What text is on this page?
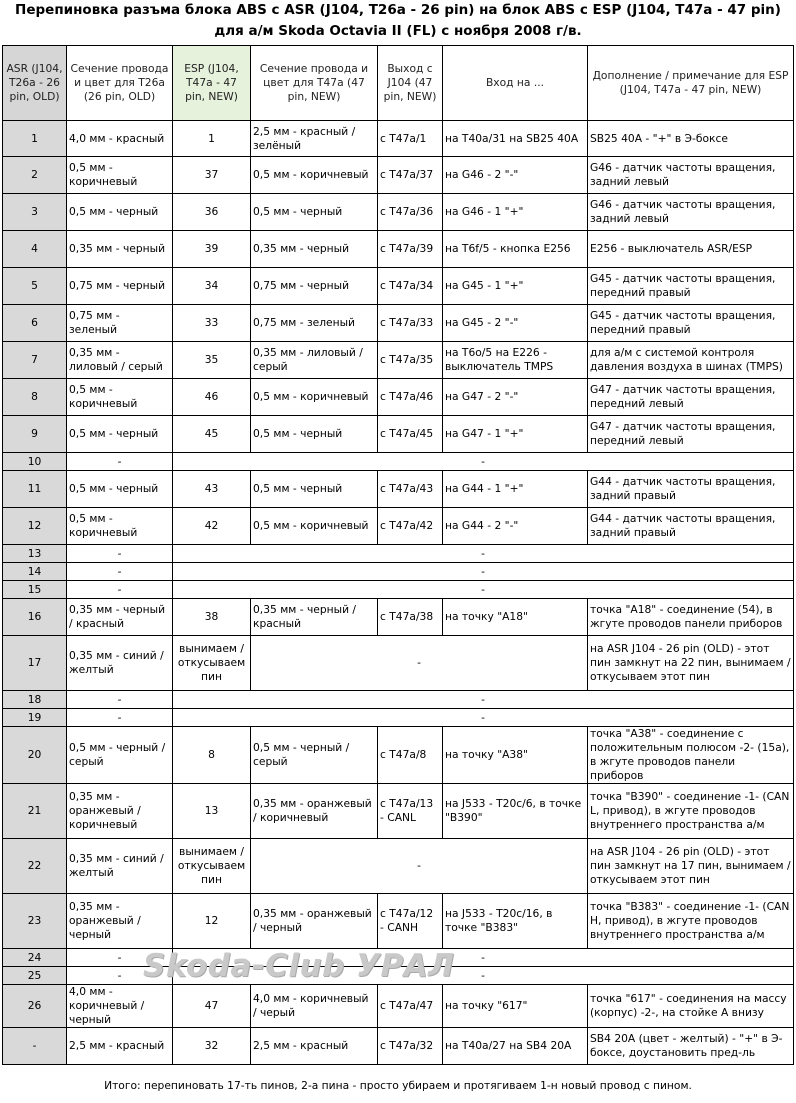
Перепиновка разъма блока ABS с ASR (J104, T26a - 26 pin) на блок ABS с ESP (J104, T47a - 47 pin)
для а/м Skoda Octavia II (FL) с ноября 2008 г/в.
ASR (J104, T26a - 26 pin, OLD)	Сечение провода и цвет для T26a (26 pin, OLD)	ESP (J104, T47a - 47 pin, NEW)	Сечение провода и цвет для T47a (47 pin, NEW)	Выход с J104 (47 pin, NEW)	Вход на ...	Дополнение / примечание для ESP (J104, T47a - 47 pin, NEW)
1	4,0 мм - красный	1	2,5 мм - красный / зелёный	с T47a/1	на T40a/31 на SB25 40A	SB25 40A - "+" в Э-боксе
2	0,5 мм - коричневый	37	0,5 мм - коричневый	с T47a/37	на G46 - 2 "-"	G46 - датчик частоты вращения, задний левый
3	0,5 мм - черный	36	0,5 мм - черный	с T47a/36	на G46 - 1 "+"	G46 - датчик частоты вращения, задний левый
4	0,35 мм - черный	39	0,35 мм - черный	с T47a/39	на T6f/5 - кнопка E256	E256 - выключатель ASR/ESP
5	0,75 мм - черный	34	0,75 мм - черный	с T47a/34	на G45 - 1 "+"	G45 - датчик частоты вращения, передний правый
6	0,75 мм - зеленый	33	0,75 мм - зеленый	с T47a/33	на G45 - 2 "-"	G45 - датчик частоты вращения, передний правый
7	0,35 мм - лиловый / серый	35	0,35 мм - лиловый / серый	с T47a/35	на T6o/5 на E226 - выключатель TMPS	для а/м с системой контроля давления воздуха в шинах (TMPS)
8	0,5 мм - коричневый	46	0,5 мм - коричневый	с T47a/46	на G47 - 2 "-"	G47 - датчик частоты вращения, передний левый
9	0,5 мм - черный	45	0,5 мм - черный	с T47a/45	на G47 - 1 "+"	G47 - датчик частоты вращения, передний левый
10	-	-				
11	0,5 мм - черный	43	0,5 мм - черный	с T47a/43	на G44 - 1 "+"	G44 - датчик частоты вращения, задний правый
12	0,5 мм - коричневый	42	0,5 мм - коричневый	с T47a/42	на G44 - 2 "-"	G44 - датчик частоты вращения, задний правый
13	-	-				
14	-	-				
15	-	-				
16	0,35 мм - черный / красный	38	0,35 мм - черный / красный	с T47a/38	на точку "A18"	точка "A18" - соединение (54), в жгуте проводов панели приборов
17	0,35 мм - синий / желтый	вынимаем / откусываем пин	-			на ASR J104 - 26 pin (OLD) - этот пин замкнут на 22 пин, вынимаем / откусываем этот пин
18	-	-				
19	-	-				
20	0,5 мм - черный / серый	8	0,5 мм - черный / серый	с T47a/8	на точку "A38"	точка "A38" - соединение с положительным полюсом -2- (15a), в жгуте проводов панели приборов
21	0,35 мм - оранжевый / коричневый	13	0,35 мм - оранжевый / коричневый	с T47a/13 - CANL	на J533 - T20c/6, в точке "B390"	точка "B390" - соединение -1- (CAN L, привод), в жгуте проводов внутреннего пространства а/м
22	0,35 мм - синий / желтый	вынимаем / откусываем пин	-			на ASR J104 - 26 pin (OLD) - этот пин замкнут на 17 пин, вынимаем / откусываем этот пин
23	0,35 мм - оранжевый / черный	12	0,35 мм - оранжевый / черный	с T47a/12 - CANH	на J533 - T20c/16, в точке "B383"	точка "B383" - соединение -1- (CAN H, привод), в жгуте проводов внутреннего пространства а/м
24	-	-				
25	-	-				
26	4,0 мм - коричневый / черный	47	4,0 мм - коричневый / черый	с T47a/47	на точку "617"	точка "617" - соединения на массу (корпус) -2-, на стойке А внизу
-	2,5 мм - красный	32	2,5 мм - красный	с T47a/32	на T40a/27 на SB4 20A	SB4 20A (цвет - желтый) - "+" в Э-боксе, доустановить пред-ль
Skoda-Club УРАЛ
Итого: перепиновать 17-ть пинов, 2-а пина - просто убираем и протягиваем 1-н новый провод с пином.
